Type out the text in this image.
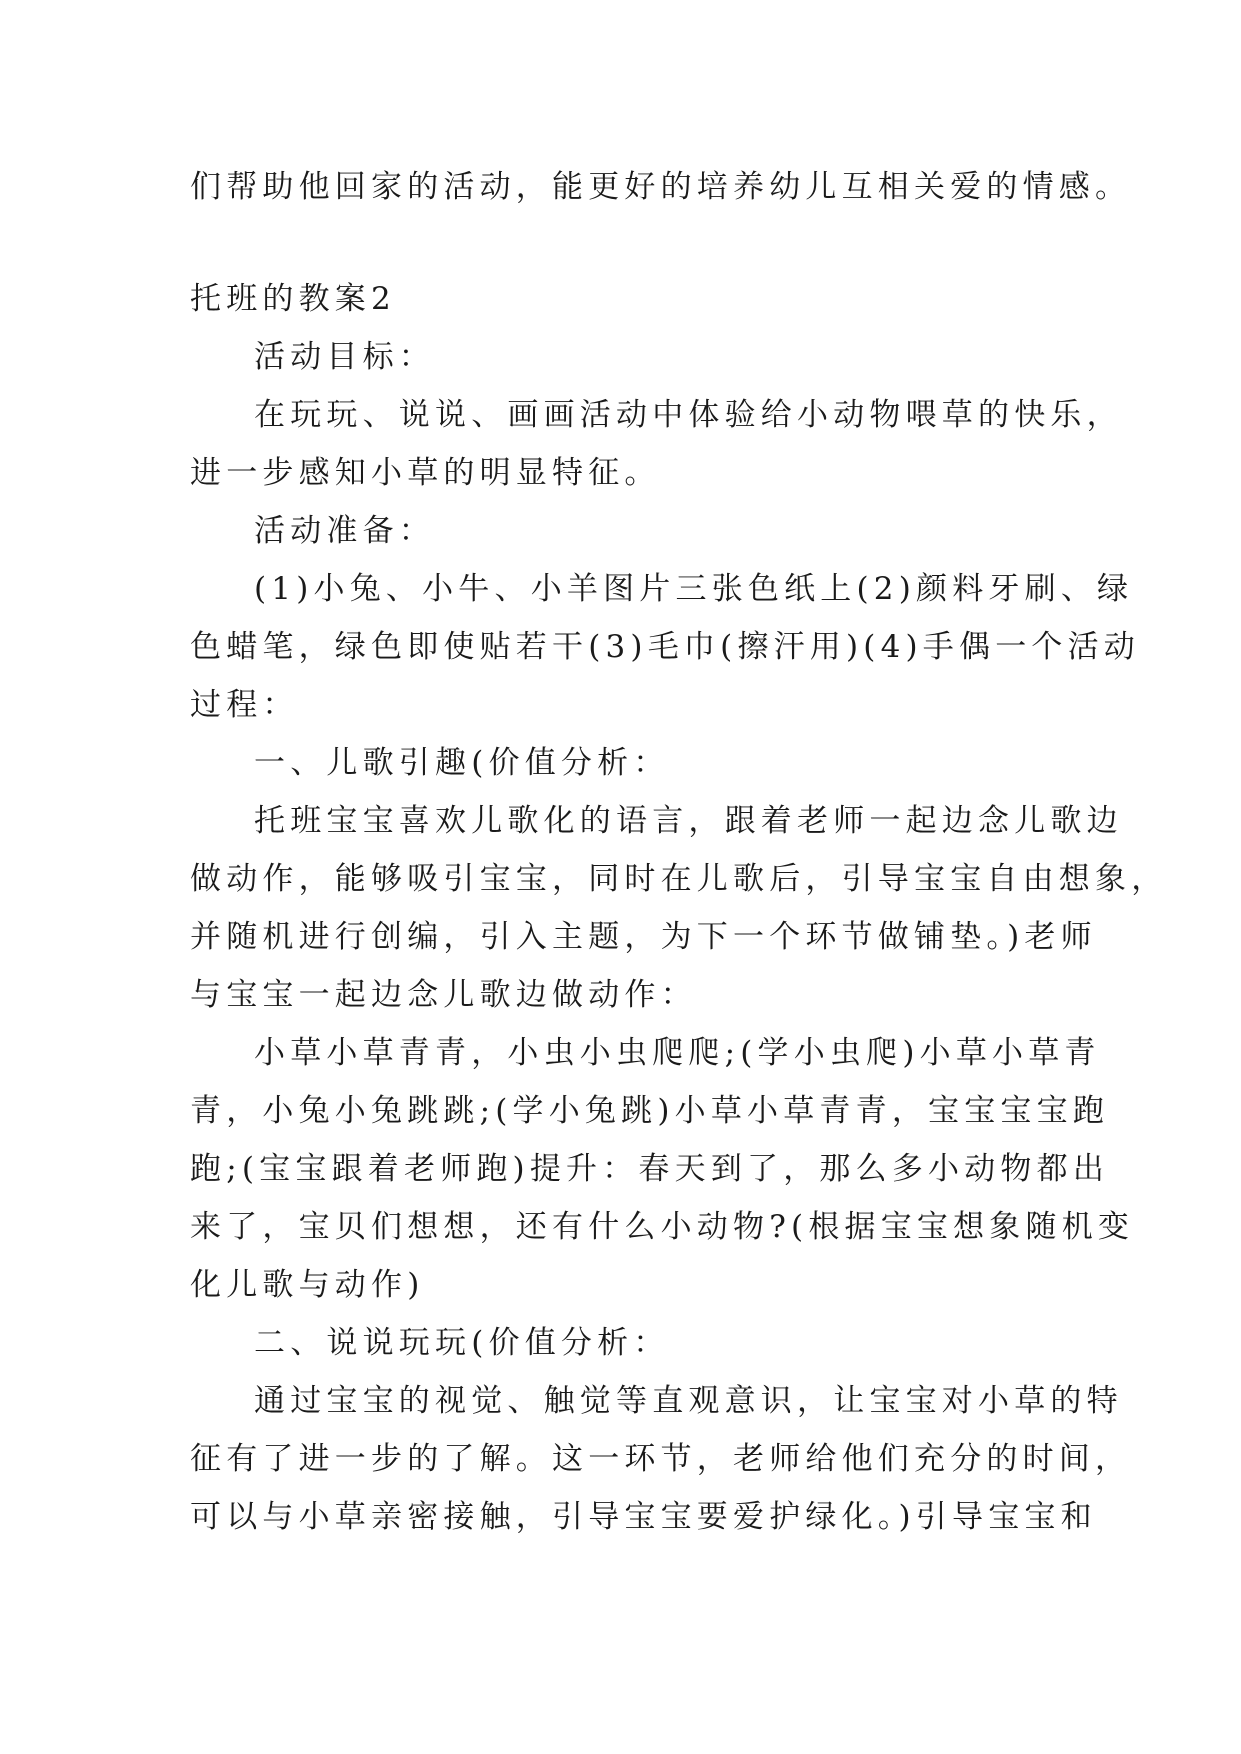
们帮助他回家的活动，能更好的培养幼儿互相关爱的情感。
托班的教案2
活动目标：
在玩玩、说说、画画活动中体验给小动物喂草的快乐，
进一步感知小草的明显特征。
活动准备：
(1)小兔、小牛、小羊图片三张色纸上(2)颜料牙刷、绿
色蜡笔，绿色即使贴若干(3)毛巾(擦汗用)(4)手偶一个活动
过程：
一、儿歌引趣(价值分析：
托班宝宝喜欢儿歌化的语言，跟着老师一起边念儿歌边
做动作，能够吸引宝宝，同时在儿歌后，引导宝宝自由想象，
并随机进行创编，引入主题，为下一个环节做铺垫。)老师
与宝宝一起边念儿歌边做动作：
小草小草青青，小虫小虫爬爬;(学小虫爬)小草小草青
青，小兔小兔跳跳;(学小兔跳)小草小草青青，宝宝宝宝跑
跑;(宝宝跟着老师跑)提升：春天到了，那么多小动物都出
来了，宝贝们想想，还有什么小动物?(根据宝宝想象随机变
化儿歌与动作)
二、说说玩玩(价值分析：
通过宝宝的视觉、触觉等直观意识，让宝宝对小草的特
征有了进一步的了解。这一环节，老师给他们充分的时间，
可以与小草亲密接触，引导宝宝要爱护绿化。)引导宝宝和
